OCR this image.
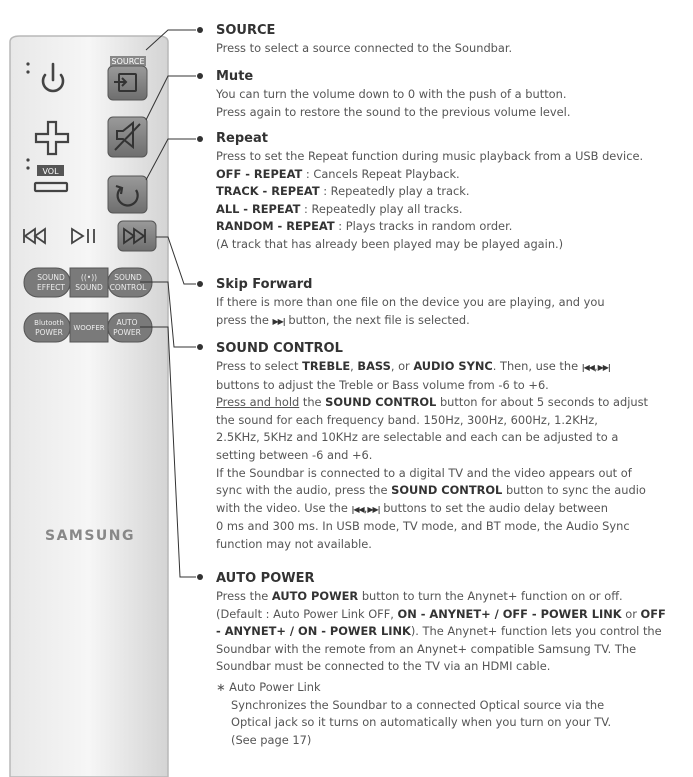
SOURCE
VOL
SOUND
EFFECT
((•))
SOUND
SOUND
CONTROL
Blutooth
POWER WOOFER
AUTO
POWER
SAMSUNG
SOURCE
Press to select a source connected to the Soundbar.
Mute
You can turn the volume down to 0 with the push of a button.
Press again to restore the sound to the previous volume level.
Repeat
Press to set the Repeat function during music playback from a USB device.
OFF - REPEAT : Cancels Repeat Playback.
TRACK - REPEAT : Repeatedly play a track.
ALL - REPEAT : Repeatedly play all tracks.
RANDOM - REPEAT : Plays tracks in random order.
(A track that has already been played may be played again.)
Skip Forward
If there is more than one file on the device you are playing, and you
press the ▶▶| button, the next file is selected.
SOUND CONTROL
Press to select TREBLE, BASS, or AUDIO SYNC. Then, use the |◀◀,▶▶|
buttons to adjust the Treble or Bass volume from -6 to +6.
Press and hold the SOUND CONTROL button for about 5 seconds to adjust
the sound for each frequency band. 150Hz, 300Hz, 600Hz, 1.2KHz,
2.5KHz, 5KHz and 10KHz are selectable and each can be adjusted to a
setting between -6 and +6.
If the Soundbar is connected to a digital TV and the video appears out of
sync with the audio, press the SOUND CONTROL button to sync the audio
with the video. Use the |◀◀,▶▶| buttons to set the audio delay between
0 ms and 300 ms. In USB mode, TV mode, and BT mode, the Audio Sync
function may not available.
AUTO POWER
Press the AUTO POWER button to turn the Anynet+ function on or off.
(Default : Auto Power Link OFF, ON - ANYNET+ / OFF - POWER LINK or OFF
- ANYNET+ / ON - POWER LINK). The Anynet+ function lets you control the
Soundbar with the remote from an Anynet+ compatible Samsung TV. The
Soundbar must be connected to the TV via an HDMI cable.
∗ Auto Power Link
Synchronizes the Soundbar to a connected Optical source via the
Optical jack so it turns on automatically when you turn on your TV.
(See page 17)
